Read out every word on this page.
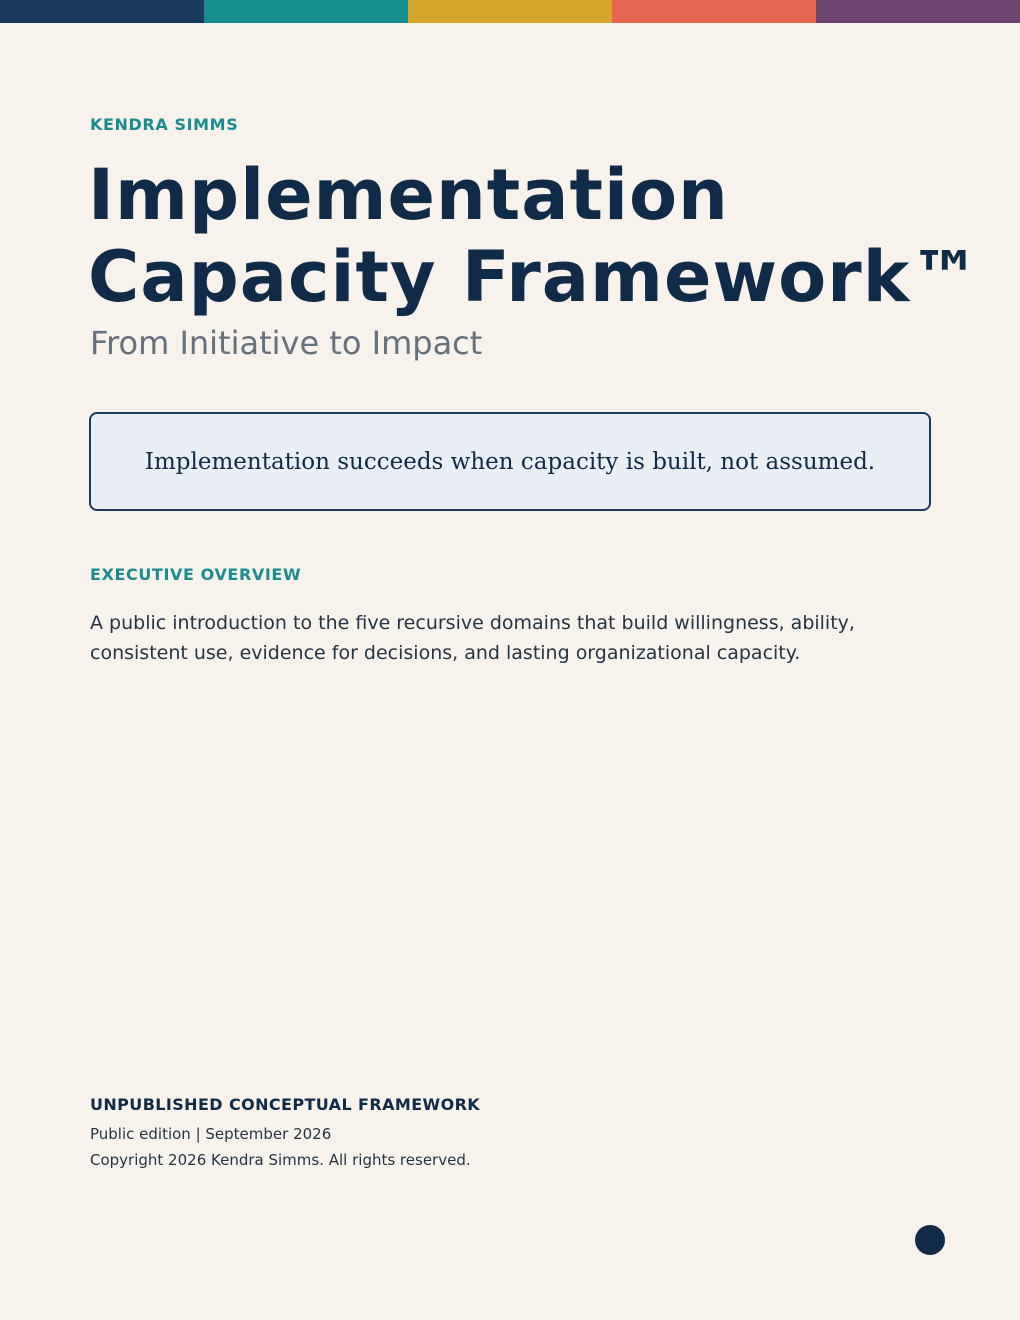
KENDRA SIMMS
Implementation
Capacity Framework™
From Initiative to Impact
Implementation succeeds when capacity is built, not assumed.
EXECUTIVE OVERVIEW

A public introduction to the five recursive domains that build willingness, ability, consistent use, evidence for decisions, and lasting organizational capacity.

UNPUBLISHED CONCEPTUAL FRAMEWORK
Public edition | September 2026
Copyright 2026 Kendra Simms. All rights reserved.
